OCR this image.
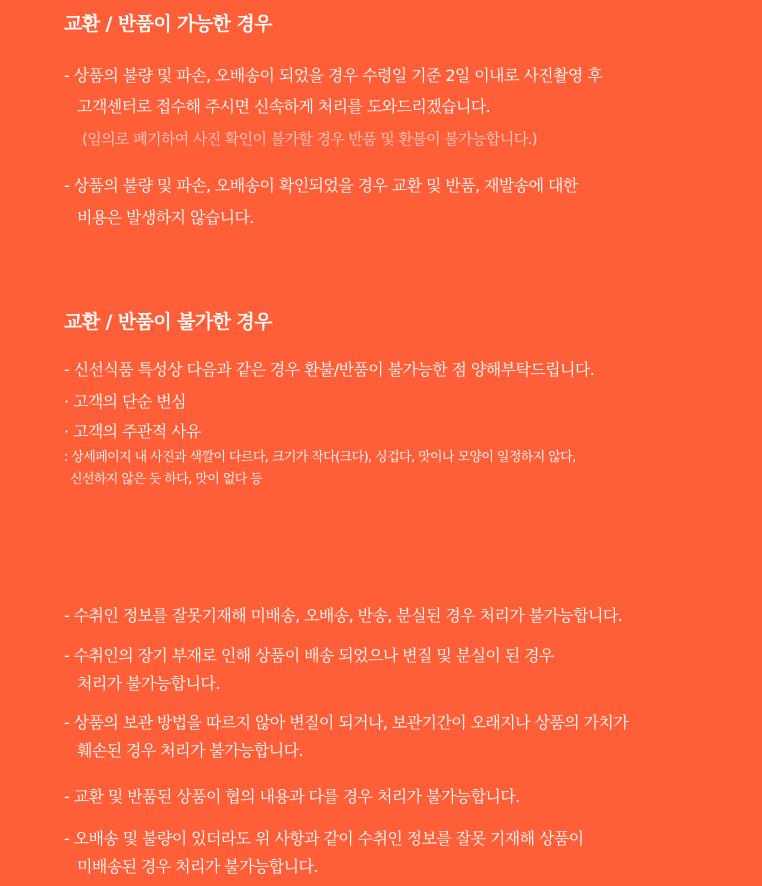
교환 / 반품이 가능한 경우
- 상품의 불량 및 파손, 오배송이 되었을 경우 수령일 기준 2일 이내로 사진촬영 후
고객센터로 접수해 주시면 신속하게 처리를 도와드리겠습니다.
(임의로 폐기하여 사진 확인이 불가할 경우 반품 및 환불이 불가능합니다.)
- 상품의 불량 및 파손, 오배송이 확인되었을 경우 교환 및 반품, 재발송에 대한
비용은 발생하지 않습니다.
교환 / 반품이 불가한 경우
- 신선식품 특성상 다음과 같은 경우 환불/반품이 불가능한 점 양해부탁드립니다.
· 고객의 단순 변심
· 고객의 주관적 사유
: 상세페이지 내 사진과 색깔이 다르다, 크기가 작다(크다), 싱겁다, 맛이나 모양이 일정하지 않다,
신선하지 않은 듯 하다, 맛이 없다 등
- 수취인 정보를 잘못기재해 미배송, 오배송, 반송, 분실된 경우 처리가 불가능합니다.
- 수취인의 장기 부재로 인해 상품이 배송 되었으나 변질 및 분실이 된 경우
처리가 불가능합니다.
- 상품의 보관 방법을 따르지 않아 변질이 되거나, 보관기간이 오래지나 상품의 가치가
훼손된 경우 처리가 불가능합니다.
- 교환 및 반품된 상품이 협의 내용과 다를 경우 처리가 불가능합니다.
- 오배송 및 불량이 있더라도 위 사항과 같이 수취인 정보를 잘못 기재해 상품이
미배송된 경우 처리가 불가능합니다.
